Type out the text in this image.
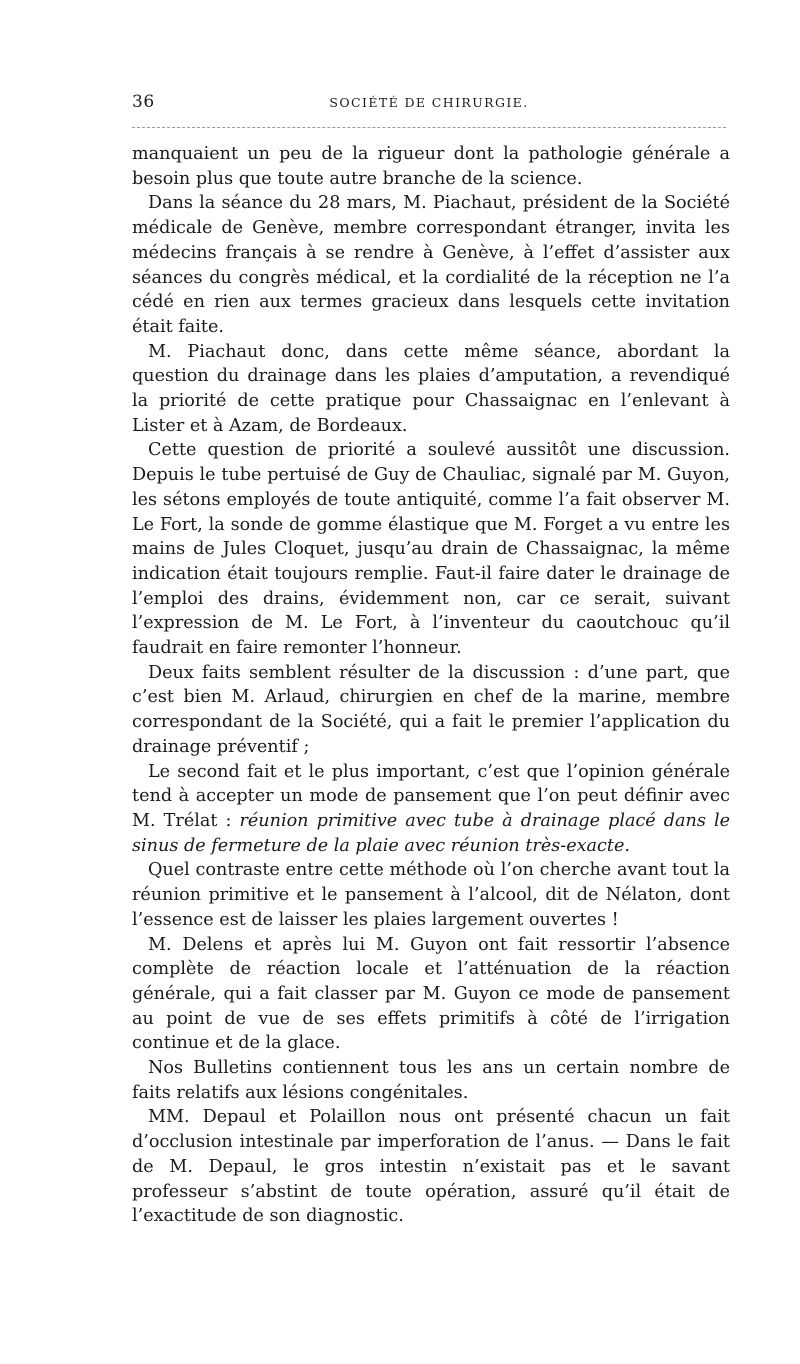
36	SOCIÉTÉ DE CHIRURGIE.

manquaient un peu de la rigueur dont la pathologie générale a besoin plus que toute autre branche de la science.

Dans la séance du 28 mars, M. Piachaut, président de la Société médicale de Genève, membre correspondant étranger, invita les médecins français à se rendre à Genève, à l’effet d’assister aux séances du congrès médical, et la cordialité de la réception ne l’a cédé en rien aux termes gracieux dans lesquels cette invitation était faite.

M. Piachaut donc, dans cette même séance, abordant la question du drainage dans les plaies d’amputation, a revendiqué la priorité de cette pratique pour Chassaignac en l’enlevant à Lister et à Azam, de Bordeaux.

Cette question de priorité a soulevé aussitôt une discussion. Depuis le tube pertuisé de Guy de Chauliac, signalé par M. Guyon, les sétons employés de toute antiquité, comme l’a fait observer M. Le Fort, la sonde de gomme élastique que M. Forget a vu entre les mains de Jules Cloquet, jusqu’au drain de Chassaignac, la même indication était toujours remplie. Faut-il faire dater le drainage de l’emploi des drains, évidemment non, car ce serait, suivant l’expression de M. Le Fort, à l’inventeur du caoutchouc qu’il faudrait en faire remonter l’honneur.

Deux faits semblent résulter de la discussion : d’une part, que c’est bien M. Arlaud, chirurgien en chef de la marine, membre correspondant de la Société, qui a fait le premier l’application du drainage préventif ;

Le second fait et le plus important, c’est que l’opinion générale tend à accepter un mode de pansement que l’on peut définir avec M. Trélat : réunion primitive avec tube à drainage placé dans le sinus de fermeture de la plaie avec réunion très-exacte.

Quel contraste entre cette méthode où l’on cherche avant tout la réunion primitive et le pansement à l’alcool, dit de Nélaton, dont l’essence est de laisser les plaies largement ouvertes !

M. Delens et après lui M. Guyon ont fait ressortir l’absence complète de réaction locale et l’atténuation de la réaction générale, qui a fait classer par M. Guyon ce mode de pansement au point de vue de ses effets primitifs à côté de l’irrigation continue et de la glace.

Nos Bulletins contiennent tous les ans un certain nombre de faits relatifs aux lésions congénitales.

MM. Depaul et Polaillon nous ont présenté chacun un fait d’occlusion intestinale par imperforation de l’anus. — Dans le fait de M. Depaul, le gros intestin n’existait pas et le savant professeur s’abstint de toute opération, assuré qu’il était de l’exactitude de son diagnostic.
